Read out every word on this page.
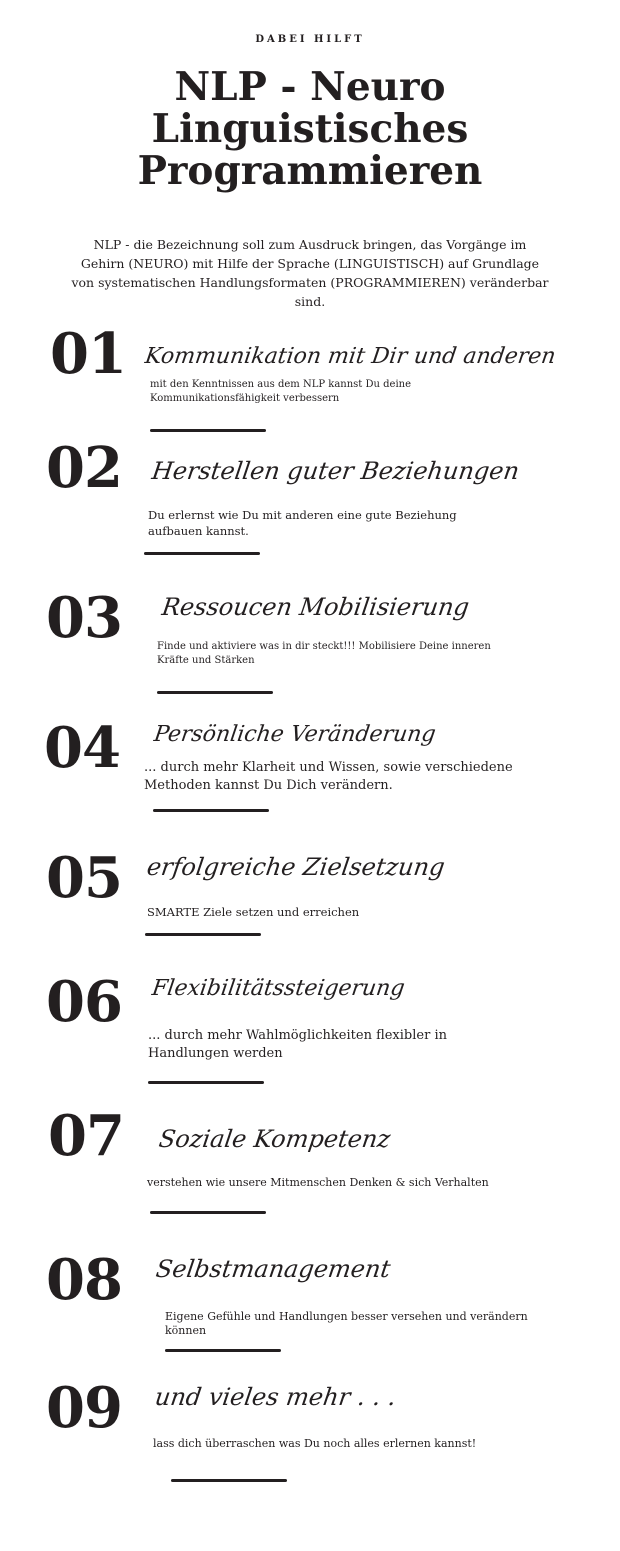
DABEI HILFT
NLP - Neuro Linguistisches Programmieren

NLP - die Bezeichnung soll zum Ausdruck bringen, das Vorgänge im Gehirn (NEURO) mit Hilfe der Sprache (LINGUISTISCH) auf Grundlage von systematischen Handlungsformaten (PROGRAMMIEREN) veränderbar sind.

01 Kommunikation mit Dir und anderen
mit den Kenntnissen aus dem NLP kannst Du deine Kommunikationsfähigkeit verbessern
02 Herstellen guter Beziehungen
Du erlernst wie Du mit anderen eine gute Beziehung aufbauen kannst.
03 Ressoucen Mobilisierung
Finde und aktiviere was in dir steckt!!! Mobilisiere Deine inneren Kräfte und Stärken
04 Persönliche Veränderung
... durch mehr Klarheit und Wissen, sowie verschiedene Methoden kannst Du Dich verändern.
05 erfolgreiche Zielsetzung
SMARTE Ziele setzen und erreichen
06 Flexibilitätssteigerung
... durch mehr Wahlmöglichkeiten flexibler in Handlungen werden
07 Soziale Kompetenz
verstehen wie unsere Mitmenschen Denken & sich Verhalten
08 Selbstmanagement
Eigene Gefühle und Handlungen besser versehen und verändern können
09 und vieles mehr . . .
lass dich überraschen was Du noch alles erlernen kannst!
